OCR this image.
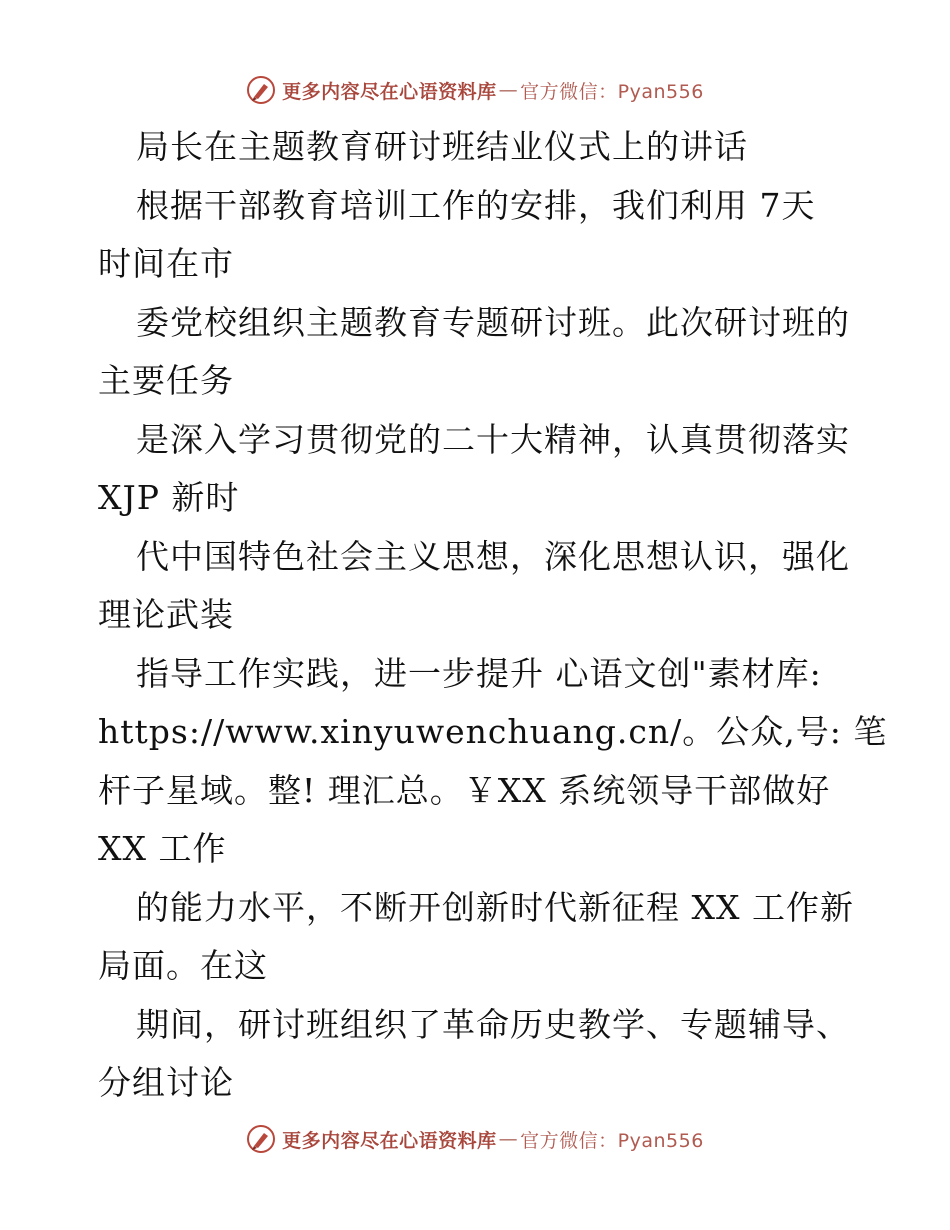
更多内容尽在心语资料库 — 官方微信：Pyan556
局长在主题教育研讨班结业仪式上的讲话
根据干部教育培训工作的安排，我们利用 7天
时间在市
委党校组织主题教育专题研讨班。此次研讨班的
主要任务
是深入学习贯彻党的二十大精神，认真贯彻落实
XJP 新时
代中国特色社会主义思想，深化思想认识，强化
理论武装
指导工作实践，进一步提升 心语文创"素材库:
https://www.xinyuwenchuang.cn/。公众,号: 笔
杆子星域。整! 理汇总。￥XX 系统领导干部做好
XX 工作
的能力水平，不断开创新时代新征程 XX 工作新
局面。在这
期间，研讨班组织了革命历史教学、专题辅导、
分组讨论
更多内容尽在心语资料库 — 官方微信：Pyan556
